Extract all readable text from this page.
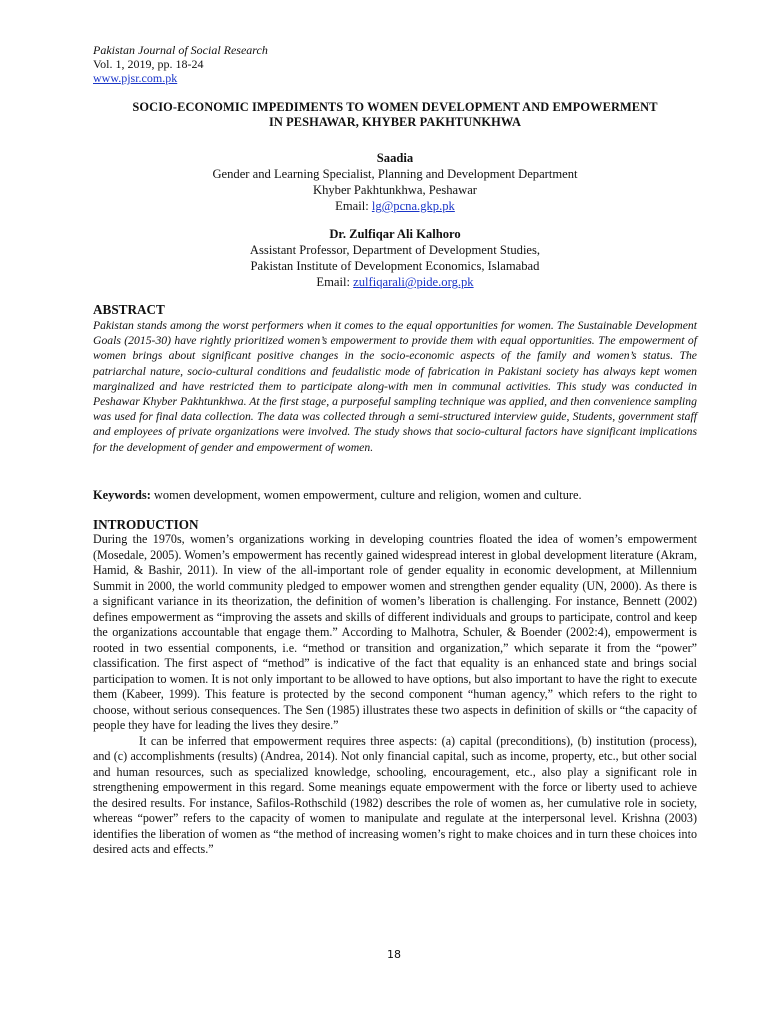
Pakistan Journal of Social Research
Vol. 1, 2019, pp. 18-24
www.pjsr.com.pk
SOCIO-ECONOMIC IMPEDIMENTS TO WOMEN DEVELOPMENT AND EMPOWERMENT
IN PESHAWAR, KHYBER PAKHTUNKHWA
Saadia
Gender and Learning Specialist, Planning and Development Department
Khyber Pakhtunkhwa, Peshawar
Email: lg@pcna.gkp.pk
Dr. Zulfiqar Ali Kalhoro
Assistant Professor, Department of Development Studies,
Pakistan Institute of Development Economics, Islamabad
Email: zulfiqarali@pide.org.pk
ABSTRACT
Pakistan stands among the worst performers when it comes to the equal opportunities for women. The Sustainable Development Goals (2015-30) have rightly prioritized women’s empowerment to provide them with equal opportunities. The empowerment of women brings about significant positive changes in the socio-economic aspects of the family and women’s status. The patriarchal nature, socio-cultural conditions and feudalistic mode of fabrication in Pakistani society has always kept women marginalized and have restricted them to participate along-with men in communal activities. This study was conducted in Peshawar Khyber Pakhtunkhwa. At the first stage, a purposeful sampling technique was applied, and then convenience sampling was used for final data collection. The data was collected through a semi-structured interview guide, Students, government staff and employees of private organizations were involved. The study shows that socio-cultural factors have significant implications for the development of gender and empowerment of women.
Keywords: women development, women empowerment, culture and religion, women and culture.
INTRODUCTION

During the 1970s, women’s organizations working in developing countries floated the idea of women’s empowerment (Mosedale, 2005). Women’s empowerment has recently gained widespread interest in global development literature (Akram, Hamid, & Bashir, 2011). In view of the all-important role of gender equality in economic development, at Millennium Summit in 2000, the world community pledged to empower women and strengthen gender equality (UN, 2000). As there is a significant variance in its theorization, the definition of women’s liberation is challenging. For instance, Bennett (2002) defines empowerment as “improving the assets and skills of different individuals and groups to participate, control and keep the organizations accountable that engage them.” According to Malhotra, Schuler, & Boender (2002:4), empowerment is rooted in two essential components, i.e. “method or transition and organization,” which separate it from the “power” classification. The first aspect of “method” is indicative of the fact that equality is an enhanced state and brings social participation to women. It is not only important to be allowed to have options, but also important to have the right to execute them (Kabeer, 1999). This feature is protected by the second component “human agency,” which refers to the right to choose, without serious consequences. The Sen (1985) illustrates these two aspects in definition of skills or “the capacity of people they have for leading the lives they desire.”

It can be inferred that empowerment requires three aspects: (a) capital (preconditions), (b) institution (process), and (c) accomplishments (results) (Andrea, 2014). Not only financial capital, such as income, property, etc., but other social and human resources, such as specialized knowledge, schooling, encouragement, etc., also play a significant role in strengthening empowerment in this regard. Some meanings equate empowerment with the force or liberty used to achieve the desired results. For instance, Safilos-Rothschild (1982) describes the role of women as, her cumulative role in society, whereas “power” refers to the capacity of women to manipulate and regulate at the interpersonal level. Krishna (2003) identifies the liberation of women as “the method of increasing women’s right to make choices and in turn these choices into desired acts and effects.”

18
